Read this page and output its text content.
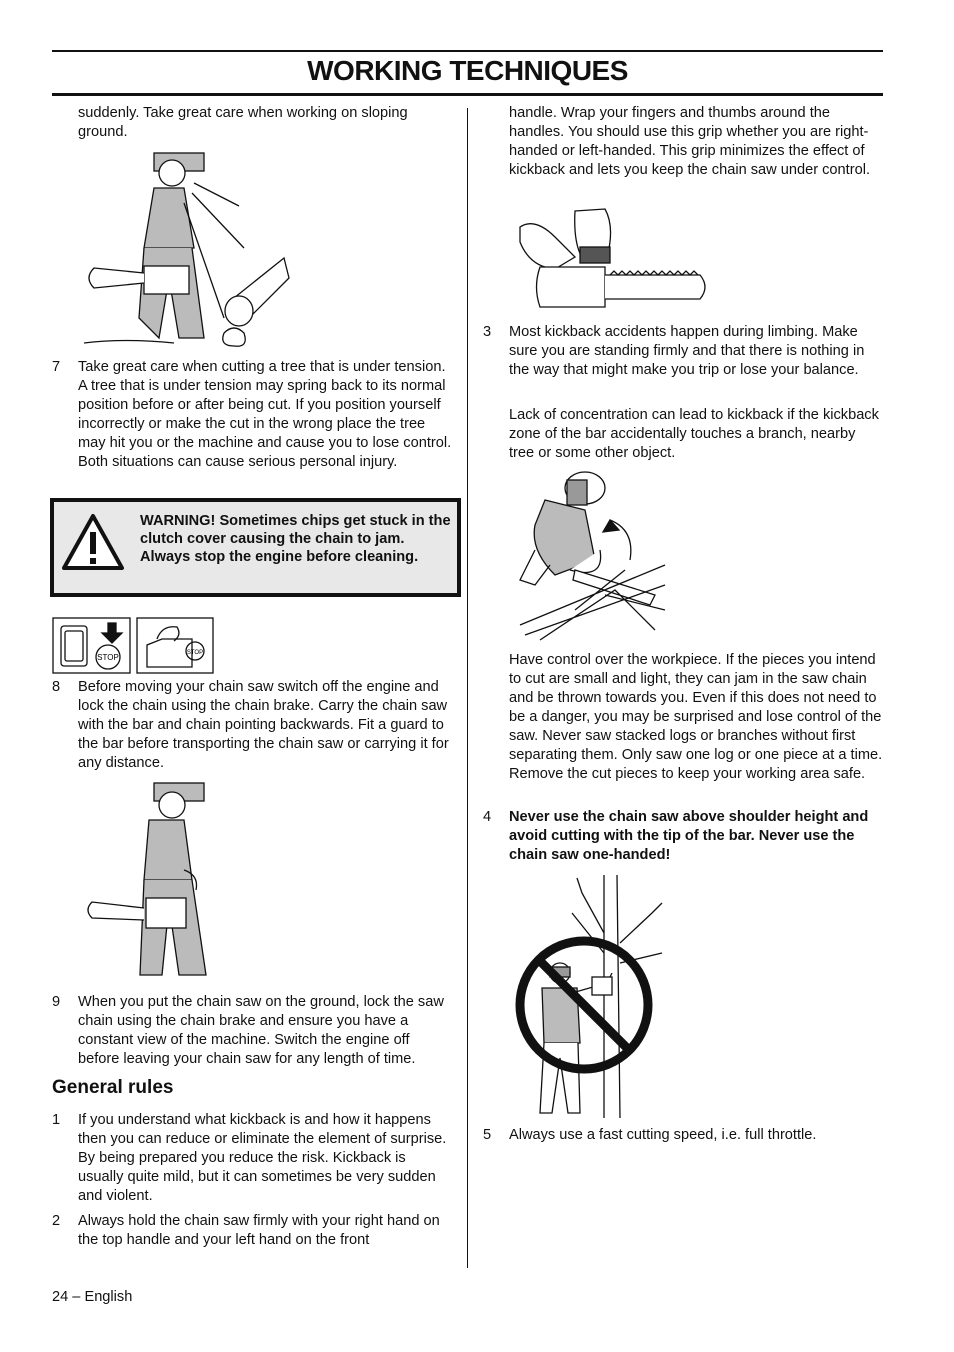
WORKING TECHNIQUES

suddenly. Take great care when working on sloping ground.

7 Take great care when cutting a tree that is under tension. A tree that is under tension may spring back to its normal position before or after being cut. If you position yourself incorrectly or make the cut in the wrong place the tree may hit you or the machine and cause you to lose control. Both situations can cause serious personal injury.

WARNING! Sometimes chips get stuck in the clutch cover causing the chain to jam. Always stop the engine before cleaning.
STOP	STOP
8 Before moving your chain saw switch off the engine and lock the chain using the chain brake. Carry the chain saw with the bar and chain pointing backwards. Fit a guard to the bar before transporting the chain saw or carrying it for any distance.

9 When you put the chain saw on the ground, lock the saw chain using the chain brake and ensure you have a constant view of the machine. Switch the engine off before leaving your chain saw for any length of time.

General rules
1 If you understand what kickback is and how it happens then you can reduce or eliminate the element of surprise. By being prepared you reduce the risk. Kickback is usually quite mild, but it can sometimes be very sudden and violent.

2 Always hold the chain saw firmly with your right hand on the top handle and your left hand on the front

handle. Wrap your fingers and thumbs around the handles. You should use this grip whether you are right-handed or left-handed. This grip minimizes the effect of kickback and lets you keep the chain saw under control.

3 Most kickback accidents happen during limbing. Make sure you are standing firmly and that there is nothing in the way that might make you trip or lose your balance.

Lack of concentration can lead to kickback if the kickback zone of the bar accidentally touches a branch, nearby tree or some other object.

Have control over the workpiece. If the pieces you intend to cut are small and light, they can jam in the saw chain and be thrown towards you. Even if this does not need to be a danger, you may be surprised and lose control of the saw. Never saw stacked logs or branches without first separating them. Only saw one log or one piece at a time. Remove the cut pieces to keep your working area safe.

4 Never use the chain saw above shoulder height and avoid cutting with the tip of the bar. Never use the chain saw one-handed!

5 Always use a fast cutting speed, i.e. full throttle.

24 – English
